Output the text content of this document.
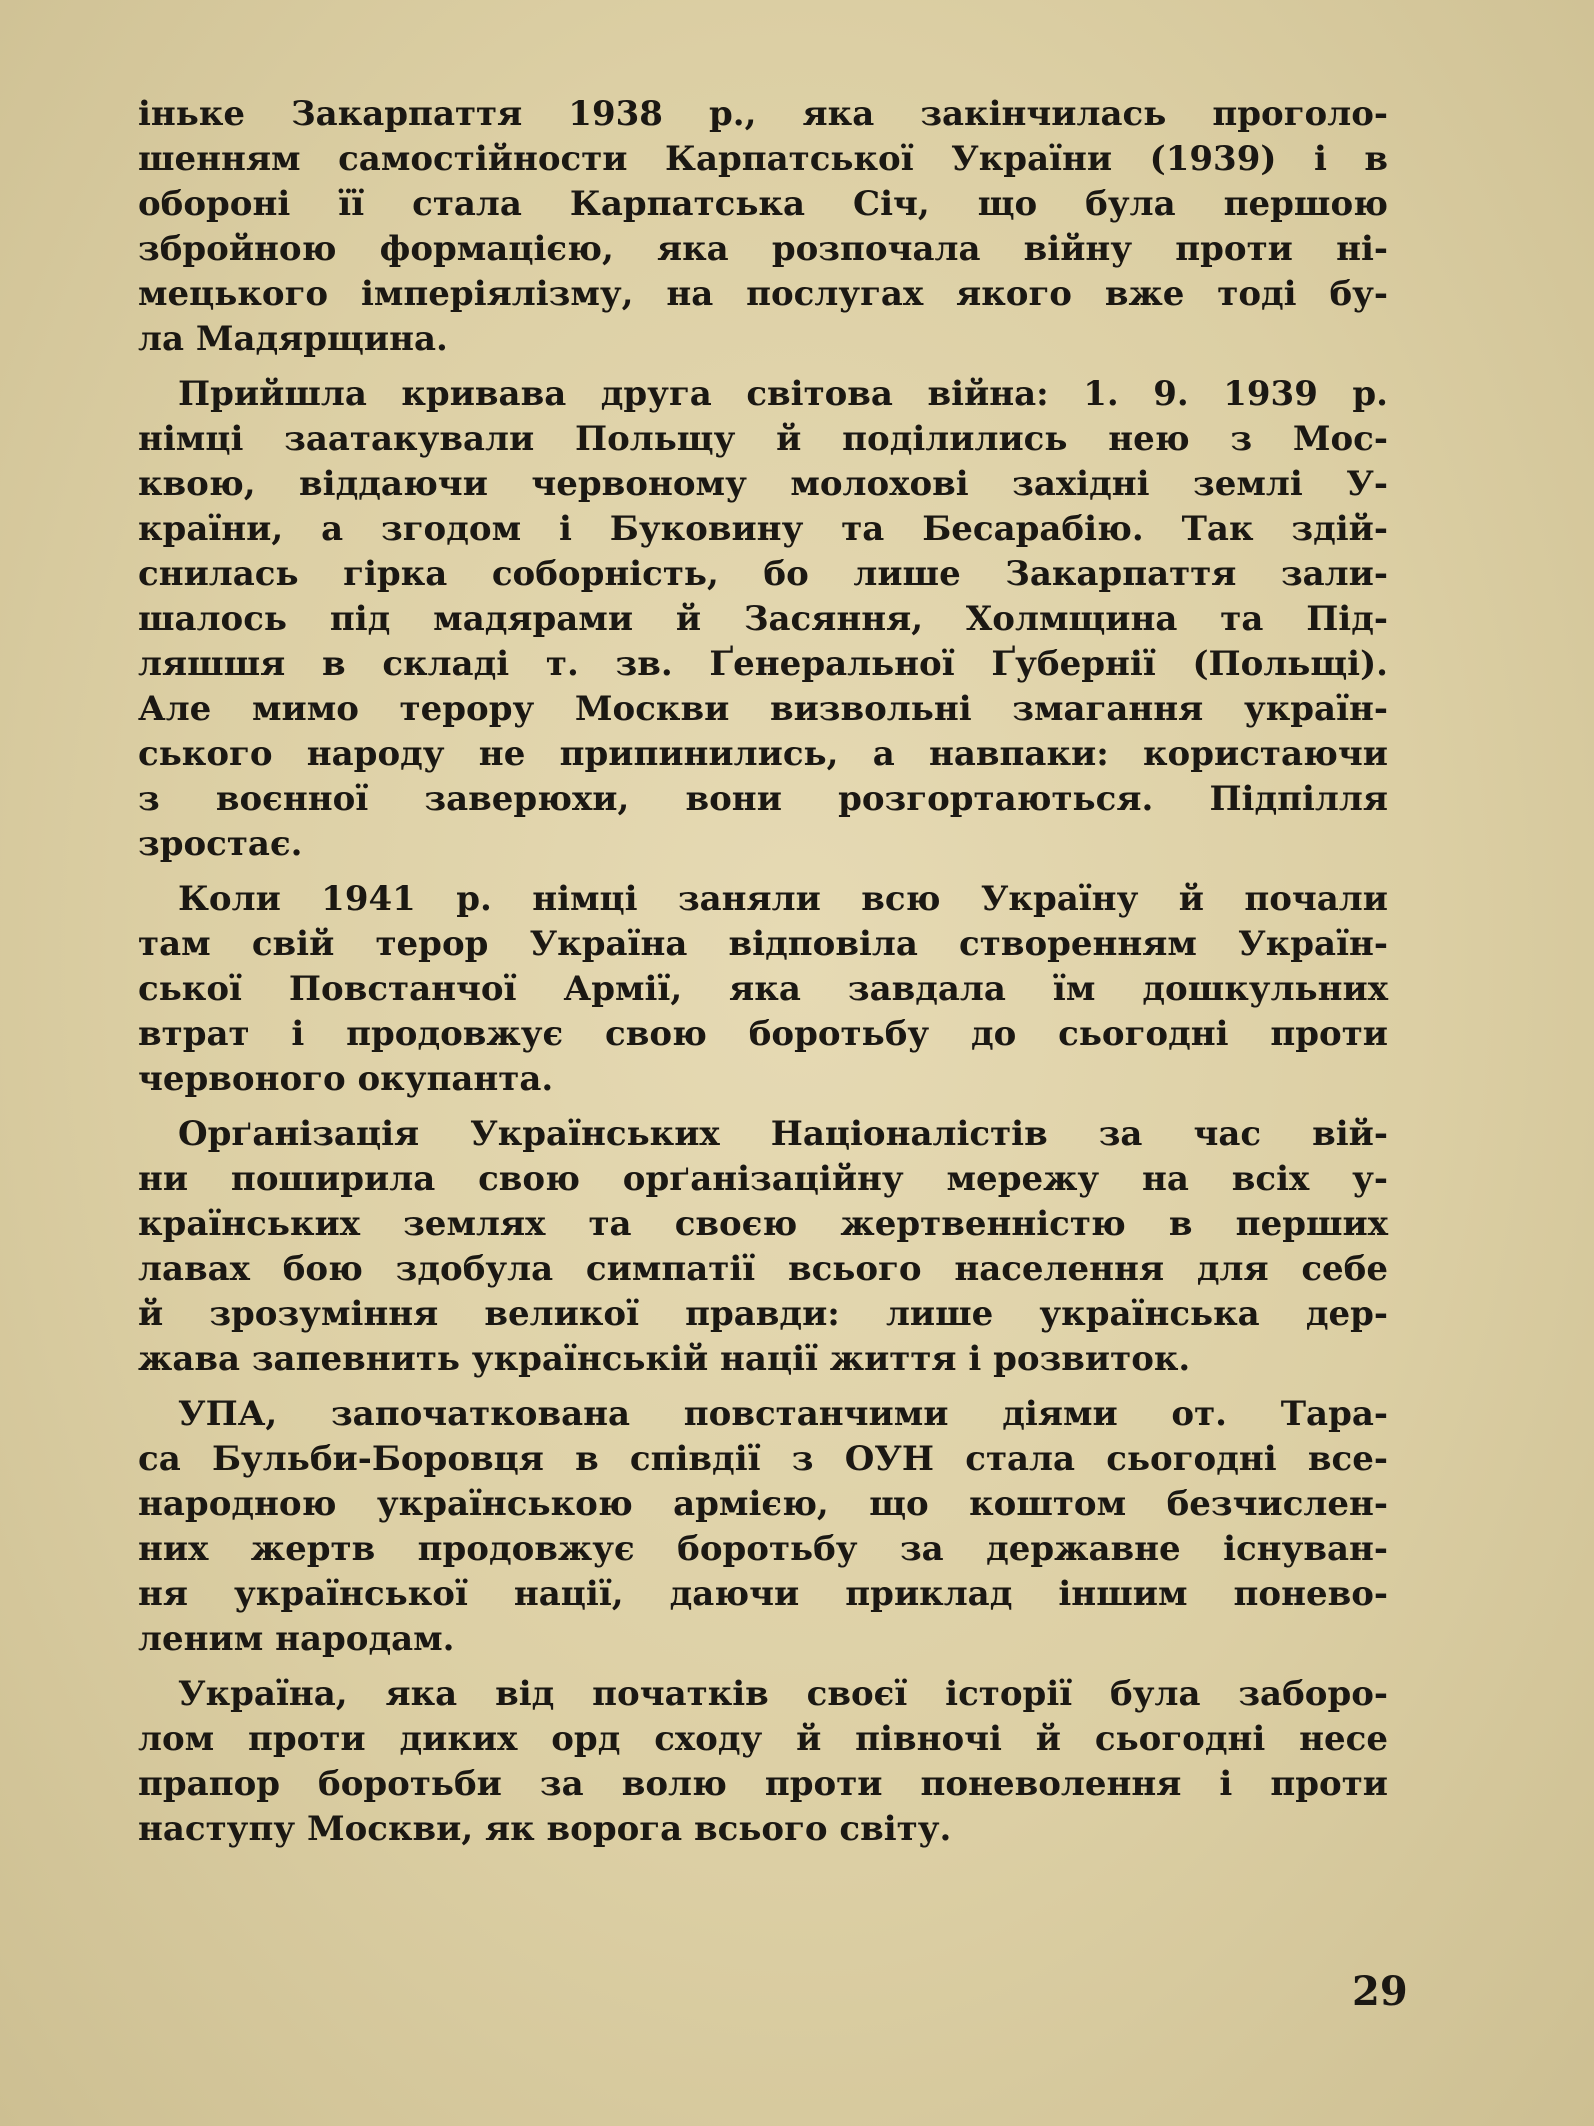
іньке Закарпаття 1938 р., яка закінчилась проголо-
шенням самостійности Карпатської України (1939) і в
обороні її стала Карпатська Січ, що була першою
збройною формацією, яка розпочала війну проти ні-
мецького імперіялізму, на послугах якого вже тоді бу-
ла Мадярщина.
Прийшла кривава друга світова війна: 1. 9. 1939 р.
німці заатакували Польщу й поділились нею з Мос-
квою, віддаючи червоному молохові західні землі У-
країни, а згодом і Буковину та Бесарабію. Так здій-
снилась гірка соборність, бо лише Закарпаття зали-
шалось під мадярами й Засяння, Холмщина та Під-
ляшшя в складі т. зв. Ґенеральної Ґубернії (Польщі).
Але мимо терору Москви визвольні змагання україн-
ського народу не припинились, а навпаки: користаючи
з воєнної заверюхи, вони розгортаються. Підпілля
зростає.
Коли 1941 р. німці заняли всю Україну й почали
там свій терор Україна відповіла створенням Україн-
ської Повстанчої Армії, яка завдала їм дошкульних
втрат і продовжує свою боротьбу до сьогодні проти
червоного окупанта.
Орґанізація Українських Націоналістів за час вій-
ни поширила свою орґанізаційну мережу на всіх у-
країнських землях та своєю жертвенністю в перших
лавах бою здобула симпатії всього населення для себе
й зрозуміння великої правди: лише українська дер-
жава запевнить українській нації життя і розвиток.
УПА, започаткована повстанчими діями от. Тара-
са Бульби-Боровця в співдії з ОУН стала сьогодні все-
народною українською армією, що коштом безчислен-
них жертв продовжує боротьбу за державне існуван-
ня української нації, даючи приклад іншим понево-
леним народам.
Україна, яка від початків своєї історії була заборо-
лом проти диких орд сходу й півночі й сьогодні несе
прапор боротьби за волю проти поневолення і проти
наступу Москви, як ворога всього світу.
29
